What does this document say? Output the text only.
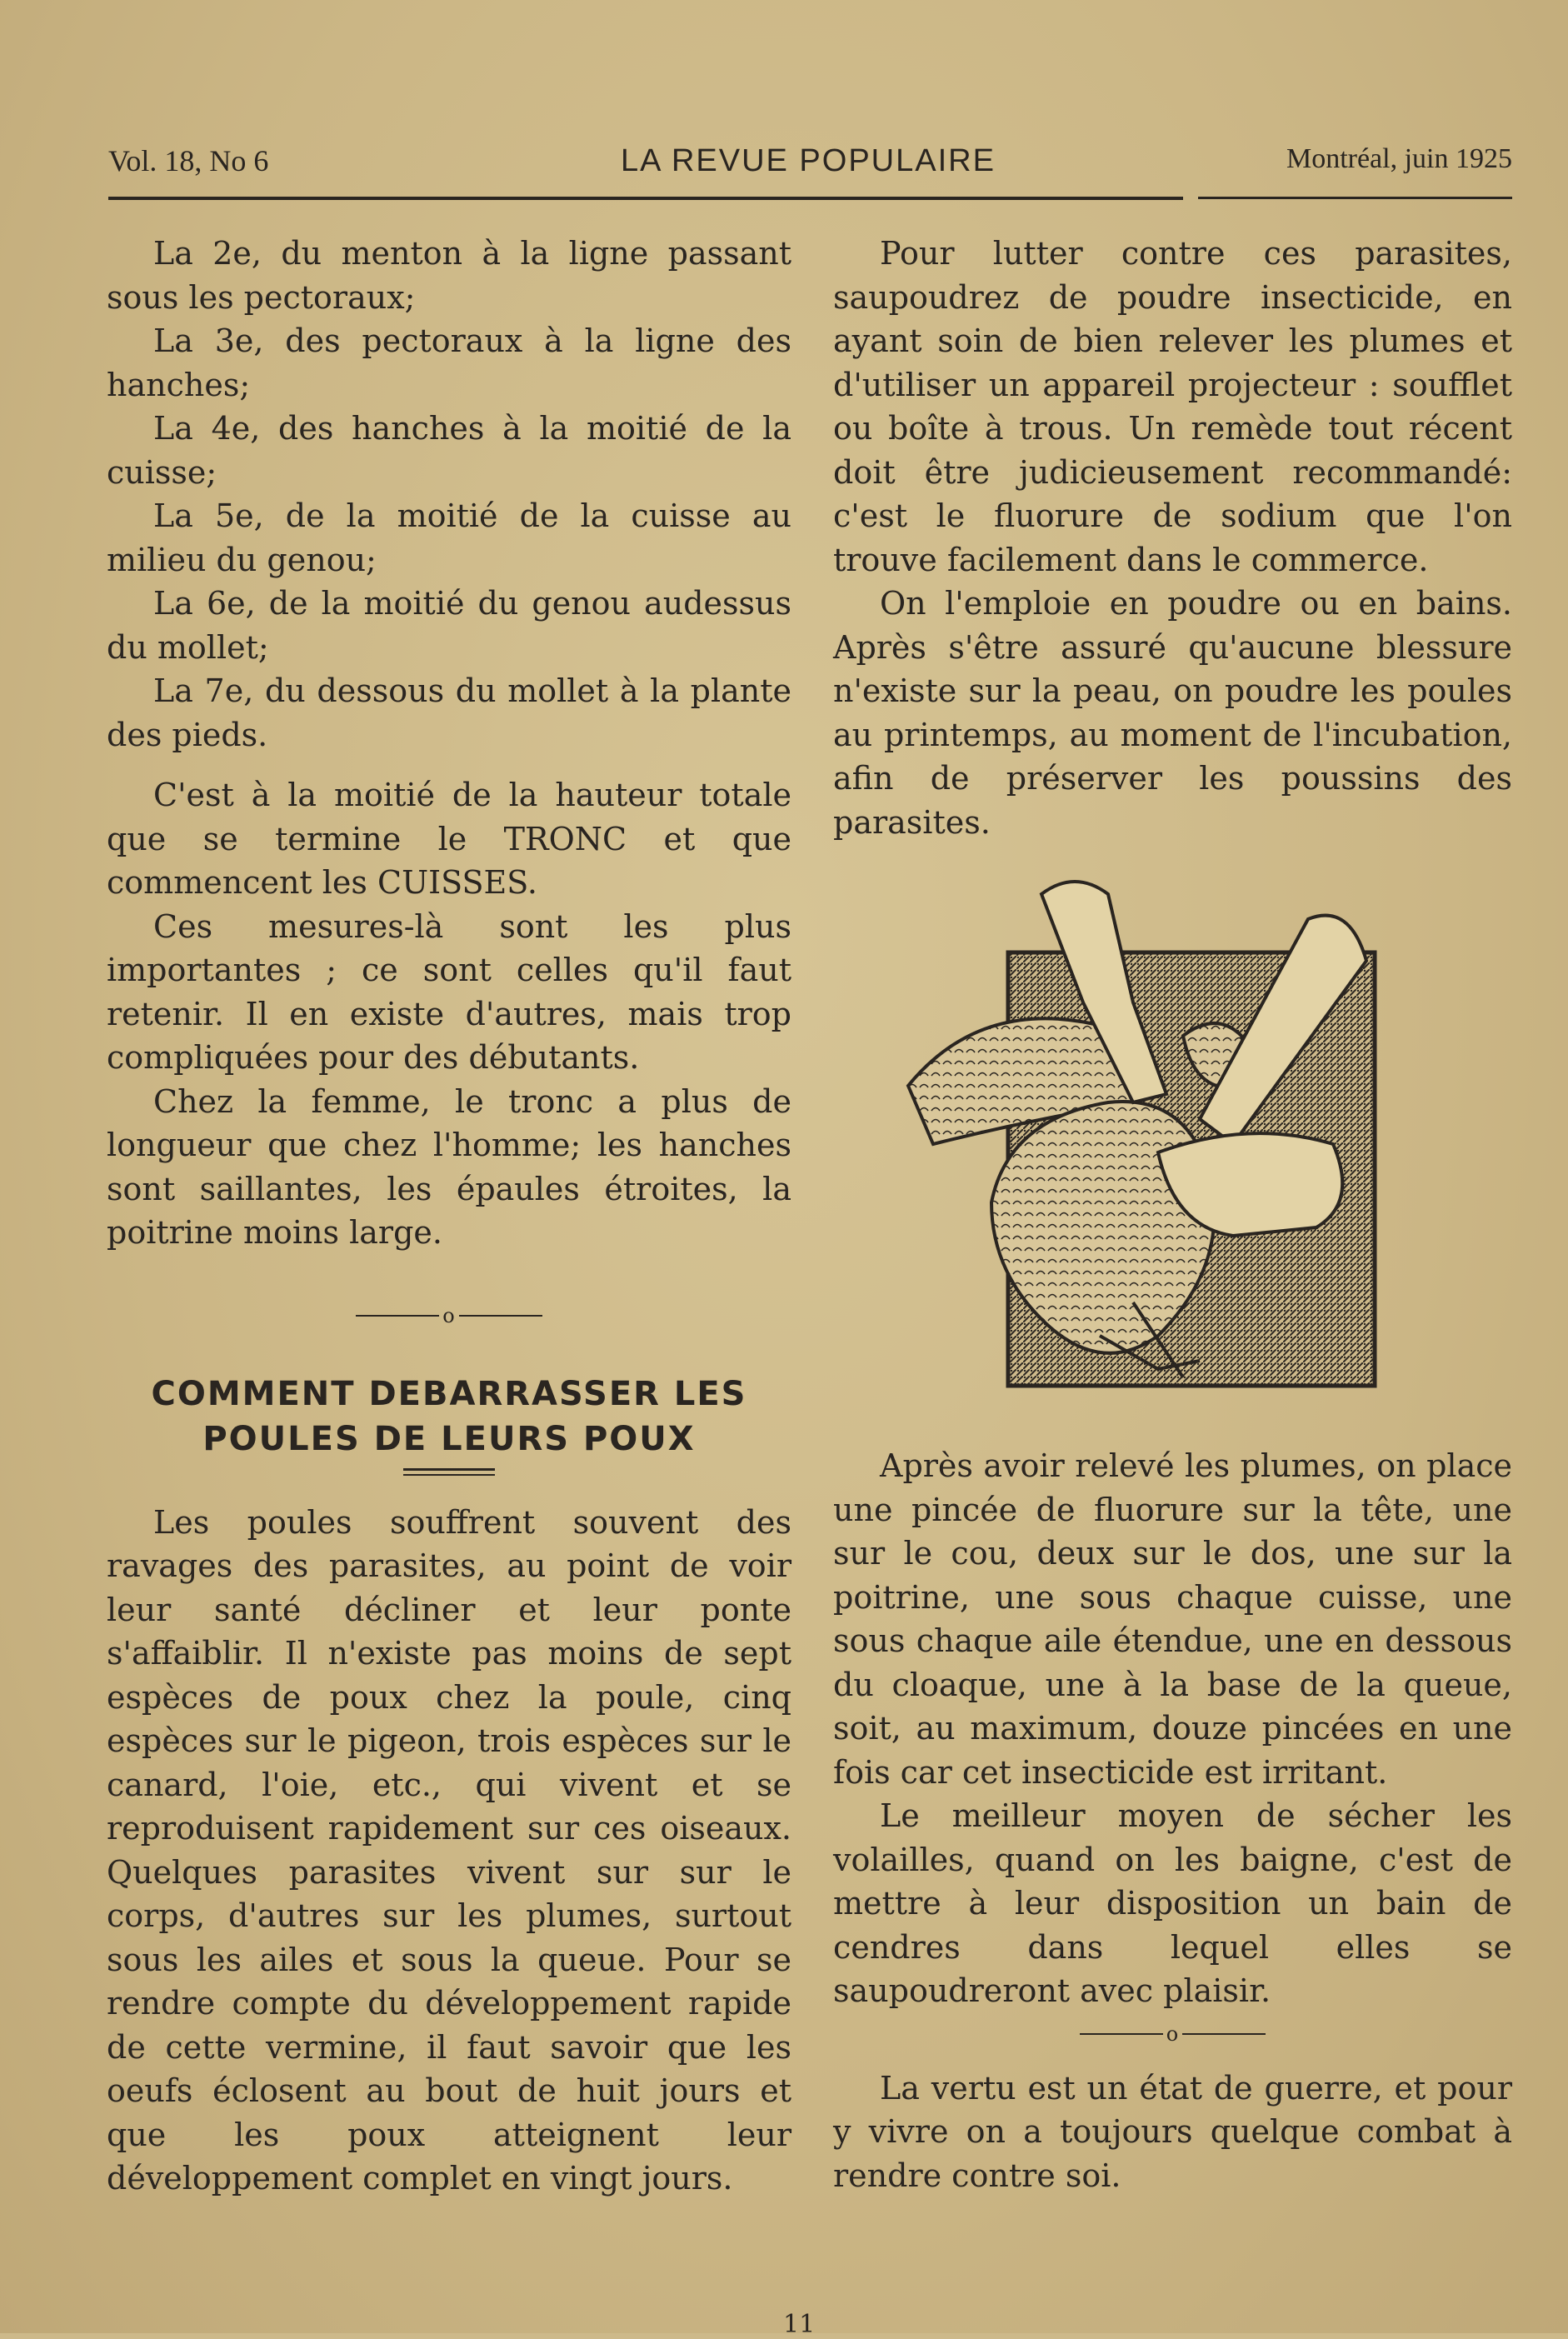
Vol. 18, No 6	LA REVUE POPULAIRE	Montréal, juin 1925

La 2e, du menton à la ligne passant sous les pectoraux;

La 3e, des pectoraux à la ligne des hanches;

La 4e, des hanches à la moitié de la cuisse;

La 5e, de la moitié de la cuisse au milieu du genou;

La 6e, de la moitié du genou audessus du mollet;

La 7e, du dessous du mollet à la plante des pieds.

C'est à la moitié de la hauteur totale que se termine le TRONC et que commencent les CUISSES.

Ces mesures-là sont les plus importantes ; ce sont celles qu'il faut retenir. Il en existe d'autres, mais trop compliquées pour des débutants.

Chez la femme, le tronc a plus de longueur que chez l'homme; les hanches sont saillantes, les épaules étroites, la poitrine moins large.

o
COMMENT DEBARRASSER LES
POULES DE LEURS POUX

Les poules souffrent souvent des ravages des parasites, au point de voir leur santé décliner et leur ponte s'affaiblir. Il n'existe pas moins de sept espèces de poux chez la poule, cinq espèces sur le pigeon, trois espèces sur le canard, l'oie, etc., qui vivent et se reproduisent rapidement sur ces oiseaux. Quelques parasites vivent sur sur le corps, d'autres sur les plumes, surtout sous les ailes et sous la queue. Pour se rendre compte du développement rapide de cette vermine, il faut savoir que les oeufs éclosent au bout de huit jours et que les poux atteignent leur développement complet en vingt jours.

Pour lutter contre ces parasites, saupoudrez de poudre insecticide, en ayant soin de bien relever les plumes et d'utiliser un appareil projecteur : soufflet ou boîte à trous. Un remède tout récent doit être judicieusement recommandé: c'est le fluorure de sodium que l'on trouve facilement dans le commerce.

On l'emploie en poudre ou en bains. Après s'être assuré qu'aucune blessure n'existe sur la peau, on poudre les poules au printemps, au moment de l'incubation, afin de préserver les poussins des parasites.

Après avoir relevé les plumes, on place une pincée de fluorure sur la tête, une sur le cou, deux sur le dos, une sur la poitrine, une sous chaque cuisse, une sous chaque aile étendue, une en dessous du cloaque, une à la base de la queue, soit, au maximum, douze pincées en une fois car cet insecticide est irritant.

Le meilleur moyen de sécher les volailles, quand on les baigne, c'est de mettre à leur disposition un bain de cendres dans lequel elles se saupoudreront avec plaisir.

o

La vertu est un état de guerre, et pour y vivre on a toujours quelque combat à rendre contre soi.

11
